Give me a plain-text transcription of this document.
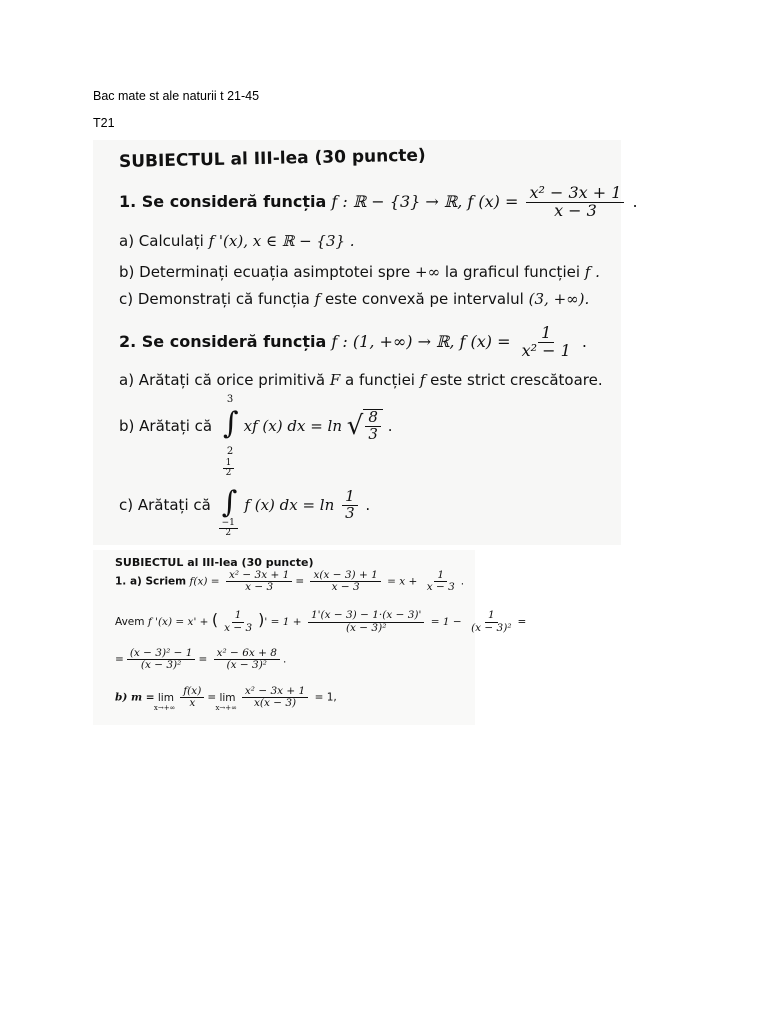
Bac mate st ale naturii t 21-45
T21
SUBIECTUL al III-lea (30 puncte)
1. Se consideră funcția f : ℝ − {3} → ℝ, f $(x) = \frac{\text{x² − 3x + 1}}{x - 3}$ .
a) Calculați f '(x), x ∈ ℝ − {3} .
b) Determinați ecuația asimptotei spre +∞ la graficul funcției f .
c) Demonstrați că funcția f este convexă pe intervalul (3, +∞).
2. Se consideră funcția f : (1, +∞) → ℝ, f $(x) = \frac{1}{\text{x² − 1}}$ .
a) Arătați că orice primitivă F a funcției f este strict crescătoare.
b) Arătați că ∫
3
2
xf (x) dx = ln √ $\frac{8}{3}$ .
c) Arătați că ∫
$\frac{1}{2}$
$\frac{-1}{2}$
f (x) dx = $\ln \frac{1}{3}$ .
SUBIECTUL al III-lea (30 puncte)
1. a) Scriem $f(x) = \frac{\text{x² − 3x + 1}}{x - 3} = \frac{x(x - 3) + 1}{x - 3} = x + \frac{1}{x - 3}$ .
Avem f '(x) = x' + ( $\frac{1}{x - 3}$ )' = $1 + \frac{1'(x - 3) - 1\cdot(x - 3)'}{\text{(x − 3)²}} = 1 - \frac{1}{\text{(x − 3)²}}$ =
= $\frac{\text{(x − 3)² − 1}}{\text{(x − 3)²}} = \frac{\text{x² − 6x + 8}}{\text{(x − 3)²}}$ .
b) m = lim
x→+∞
$\frac{f(x)}{x} = \lim$
x→+∞
$\frac{\text{x² − 3x + 1}}{x(x - 3)} = 1$,
